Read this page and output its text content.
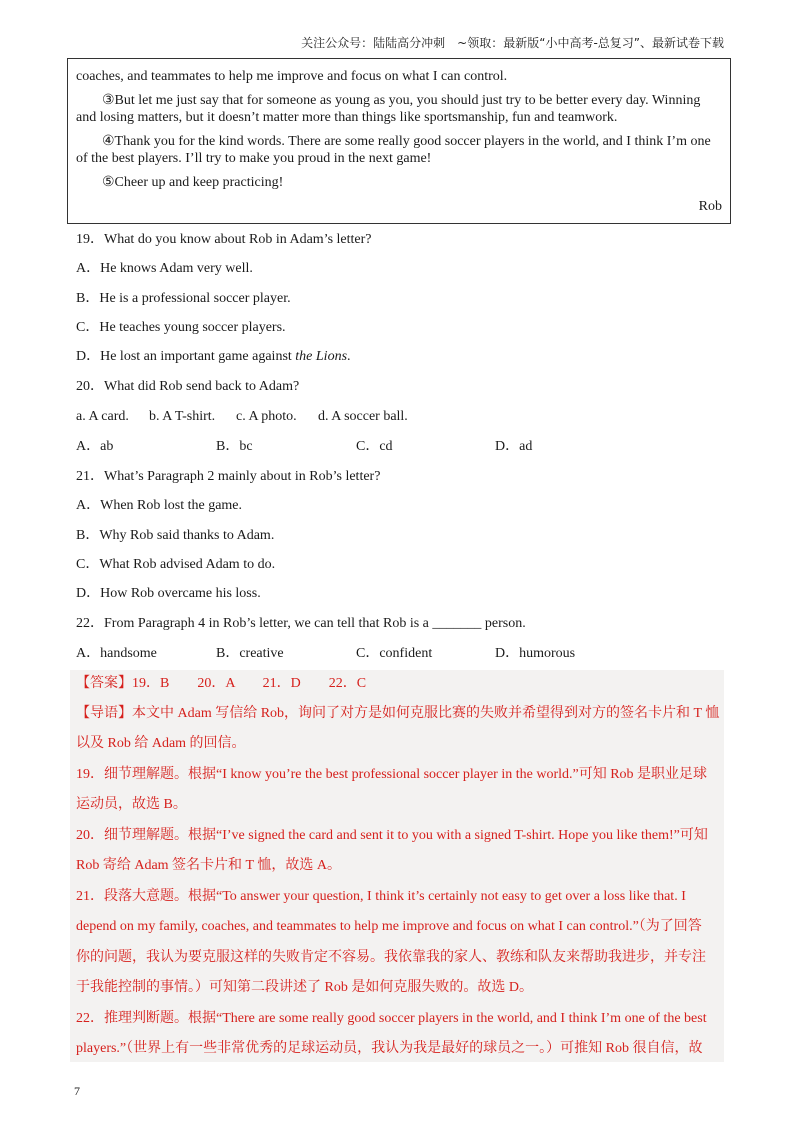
关注公众号：陆陆高分冲刺　~领取：最新版“小中高考-总复习”、最新试卷下载
coaches, and teammates to help me improve and focus on what I can control.
③But let me just say that for someone as young as you, you should just try to be better every day. Winning
and losing matters, but it doesn’t matter more than things like sportsmanship, fun and teamwork.
④Thank you for the kind words. There are some really good soccer players in the world, and I think I’m one
of the best players. I’ll try to make you proud in the next game!
⑤Cheer up and keep practicing!
Rob
19．What do you know about Rob in Adam’s letter?
A．He knows Adam very well.
B．He is a professional soccer player.
C．He teaches young soccer players.
D．He lost an important game against the Lions.
20．What did Rob send back to Adam?
a. A card. b. A T-shirt. c. A photo. d. A soccer ball.
A．ab	B．bc	C．cd	D．ad
21．What’s Paragraph 2 mainly about in Rob’s letter?
A．When Rob lost the game.
B．Why Rob said thanks to Adam.
C．What Rob advised Adam to do.
D．How Rob overcame his loss.
22．From Paragraph 4 in Rob’s letter, we can tell that Rob is a _______ person.
A．handsome	B．creative	C．confident	D．humorous
【答案】19．B　　20．A　　21．D　　22．C
【导语】本文中 Adam 写信给 Rob，询问了对方是如何克服比赛的失败并希望得到对方的签名卡片和 T 恤
以及 Rob 给 Adam 的回信。
19．细节理解题。根据“I know you’re the best professional soccer player in the world.”可知 Rob 是职业足球
运动员，故选 B。
20．细节理解题。根据“I’ve signed the card and sent it to you with a signed T-shirt. Hope you like them!”可知
Rob 寄给 Adam 签名卡片和 T 恤，故选 A。
21．段落大意题。根据“To answer your question, I think it’s certainly not easy to get over a loss like that. I
depend on my family, coaches, and teammates to help me improve and focus on what I can control.”（为了回答
你的问题，我认为要克服这样的失败肯定不容易。我依靠我的家人、教练和队友来帮助我进步，并专注
于我能控制的事情。）可知第二段讲述了 Rob 是如何克服失败的。故选 D。
22．推理判断题。根据“There are some really good soccer players in the world, and I think I’m one of the best
players.”（世界上有一些非常优秀的足球运动员，我认为我是最好的球员之一。）可推知 Rob 很自信，故
7
